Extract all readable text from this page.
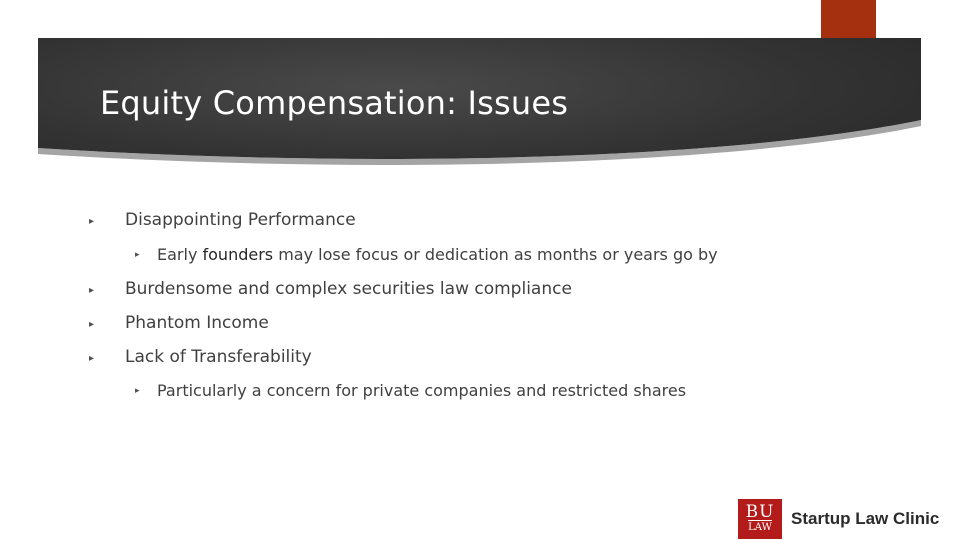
Equity Compensation: Issues
▸ Disappointing Performance
▸ Early founders may lose focus or dedication as months or years go by
▸ Burdensome and complex securities law compliance
▸ Phantom Income
▸ Lack of Transferability
▸ Particularly a concern for private companies and restricted shares
BU
LAW Startup Law Clinic
